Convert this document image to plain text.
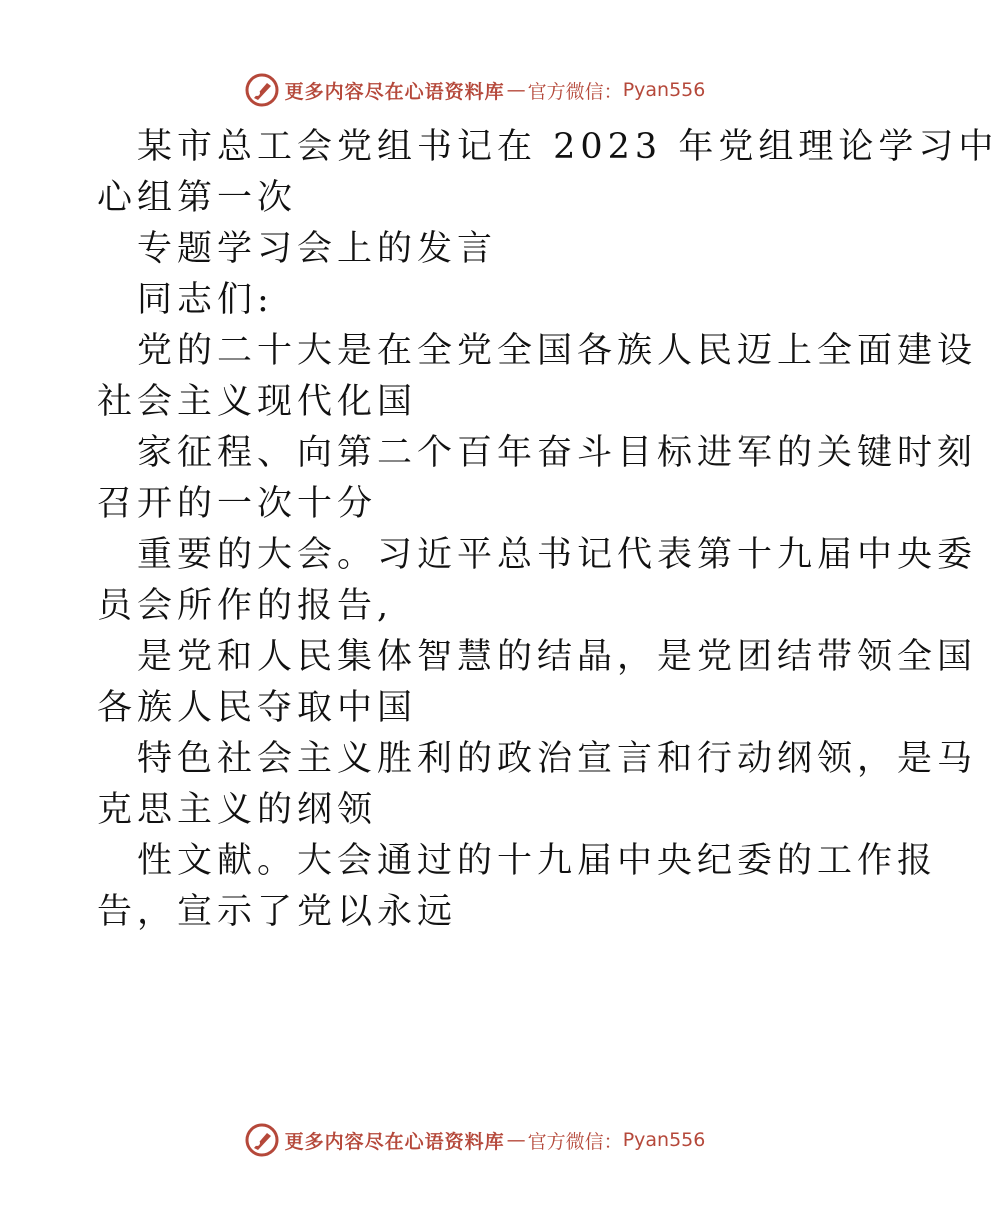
更多内容尽在心语资料库 — 官方微信： Pyan556
某市总工会党组书记在 2023 年党组理论学习中
心组第一次
专题学习会上的发言
同志们:
党的二十大是在全党全国各族人民迈上全面建设
社会主义现代化国
家征程、向第二个百年奋斗目标进军的关键时刻
召开的一次十分
重要的大会。习近平总书记代表第十九届中央委
员会所作的报告,
是党和人民集体智慧的结晶，是党团结带领全国
各族人民夺取中国
特色社会主义胜利的政治宣言和行动纲领，是马
克思主义的纲领
性文献。大会通过的十九届中央纪委的工作报
告，宣示了党以永远
更多内容尽在心语资料库 — 官方微信： Pyan556
